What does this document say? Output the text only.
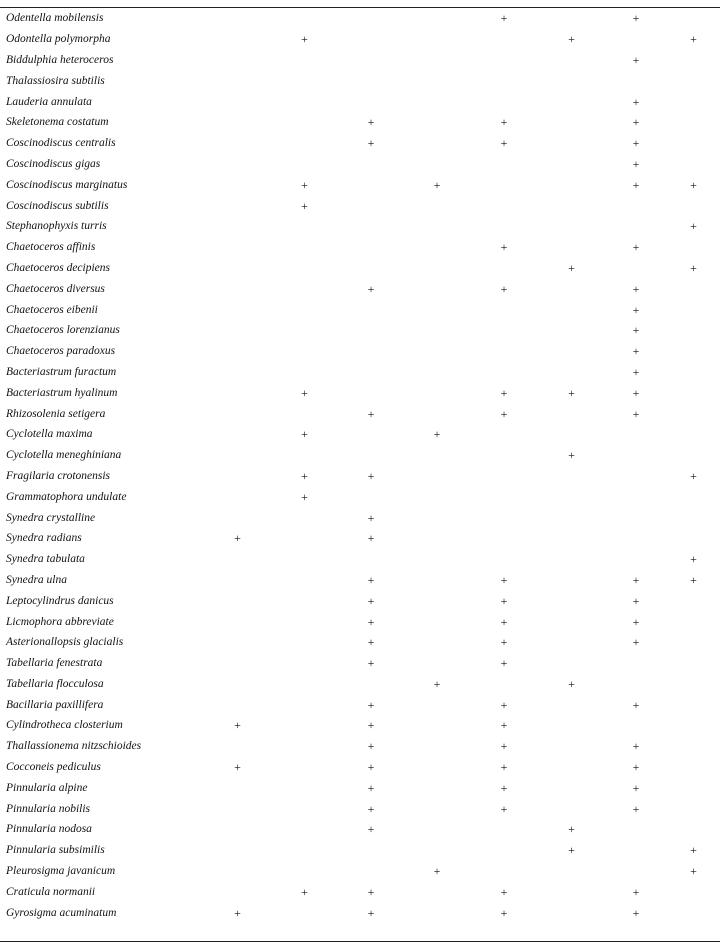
Odentella mobilensis					+		+	
Odontella polymorpha		+				+		+
Biddulphia heteroceros							+	
Thalassiosira subtilis								
Lauderia annulata							+	
Skeletonema costatum			+		+		+	
Coscinodiscus centralis			+		+		+	
Coscinodiscus gigas							+	
Coscinodiscus marginatus		+		+			+	+
Coscinodiscus subtilis		+						
Stephanophyxis turris								+
Chaetoceros affinis					+		+	
Chaetoceros decipiens						+		+
Chaetoceros diversus			+		+		+	
Chaetoceros eibenii							+	
Chaetoceros lorenzianus							+	
Chaetoceros paradoxus							+	
Bacteriastrum furactum							+	
Bacteriastrum hyalinum		+			+	+	+	
Rhizosolenia setigera			+		+		+	
Cyclotella maxima		+		+				
Cyclotella meneghiniana						+		
Fragilaria crotonensis		+	+					+
Grammatophora undulate		+						
Synedra crystalline			+					
Synedra radians	+		+					
Synedra tabulata								+
Synedra ulna			+		+		+	+
Leptocylindrus danicus			+		+		+	
Licmophora abbreviate			+		+		+	
Asterionallopsis glacialis			+		+		+	
Tabellaria fenestrata			+		+			
Tabellaria flocculosa				+		+		
Bacillaria paxillifera			+		+		+	
Cylindrotheca closterium	+		+		+			
Thallassionema nitzschioides			+		+		+	
Cocconeis pediculus	+		+		+		+	
Pinnularia alpine			+		+		+	
Pinnularia nobilis			+		+		+	
Pinnularia nodosa			+			+		
Pinnularia subsimilis						+		+
Pleurosigma javanicum				+				+
Craticula normanii		+	+		+		+	
Gyrosigma acuminatum	+		+		+		+	
